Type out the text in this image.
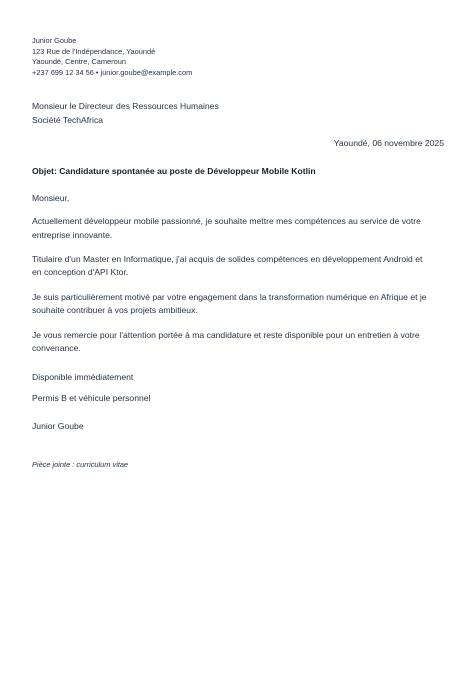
Junior Goube
123 Rue de l'Indépendance, Yaoundé
Yaoundé, Centre, Cameroun
+237 699 12 34 56 • junior.goube@example.com
Monsieur le Directeur des Ressources Humaines
Société TechAfrica
Yaoundé, 06 novembre 2025
Objet: Candidature spontanée au poste de Développeur Mobile Kotlin
Monsieur,
Actuellement développeur mobile passionné, je souhaite mettre mes compétences au service de votre
entreprise innovante.
Titulaire d'un Master en Informatique, j'ai acquis de solides compétences en développement Android et
en conception d'API Ktor.
Je suis particulièrement motivé par votre engagement dans la transformation numérique en Afrique et je
souhaite contribuer à vos projets ambitieux.
Je vous remercie pour l'attention portée à ma candidature et reste disponible pour un entretien à votre
convenance.
Disponible immédiatement
Permis B et véhicule personnel
Junior Goube
Pièce jointe : curriculum vitae
